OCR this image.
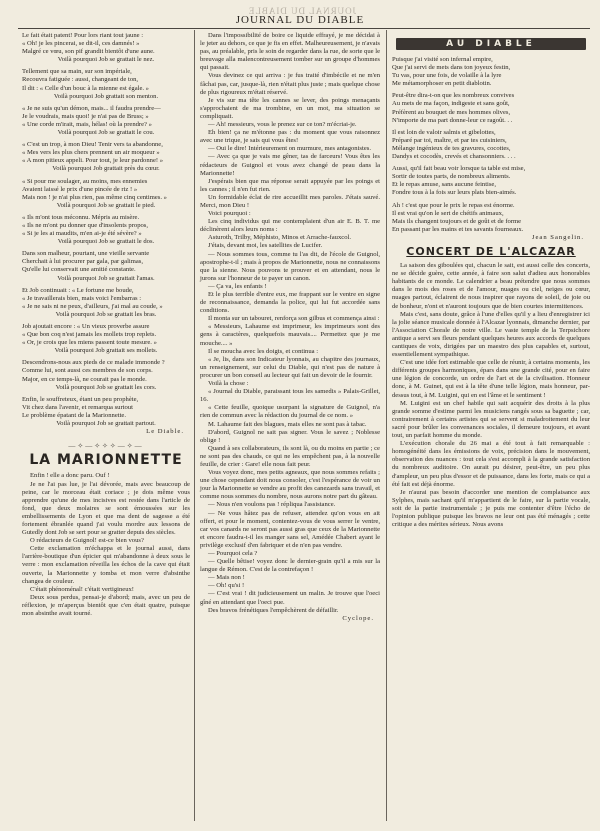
JOURNAL DU DIABLE
JOURNAL DU DIABLE

Le fait était patent! Pour lors riant tout jaune :

« Oh! je les pincerai, se dit-il, ces damnés! »

Malgré ce vœu, son pif grandit bientôt d'une aune.

Voilà pourquoi Job se grattait le nez.

Tellement que sa main, sur son impériale,

Recouvra fatiguée : aussi, changeant de ton,

Il dit : « Celle d'un bouc à la mienne est égale. »

Voilà pourquoi Job grattait son menton.

« Je ne suis qu'un démon, mais... il faudra prendre—

Je le voudrais, mais quoi! je n'ai pas de Bruss; »

« Une corde m'irait, mais, hélas! où la prendre? »

Voilà pourquoi Job se grattait le cou.

« C'est un trop, à mon Dieu! Tenir vers ta abandonne,

« Mes vers les plus chers prennent un air moqueur »

« A mon pitieux appeli. Pour tout, je leur pardonne! »

Voilà pourquoi Job grattait près du cœur.

« Si pour me soulager, au moins, mes ennemies

Avaient laissé le prix d'une pincée de riz ! »

Mais non ! je n'ai plus rien, pas même cinq centimes. »

Voilà pourquoi Job se grattait le pied.

« Ils m'ont tous méconnu. Mépris au misère.

« Ils ne m'ont pu donner que d'insolents propos,

« Si je les ai maudits, m'en ai-je été sévère? »

Voilà pourquoi Job se grattait le dos.

Dans son malheur, pourtant, une vieille servante

Cherchait à lui procurer par gala, par galimas,

Qu'elle lui conservait une amitié constante.

Voilà pourquoi Job se grattait l'amas.

Et Job continuait : « Le fortune me boude,

« Je travaillerais bien, mais voici l'embarras :

« Je ne sais ni ne peux, d'ailleurs, j'ai mal au coude, »

Voilà pourquoi Job se grattait les bras.

Job ajoutait encore : « Un vieux proverbe assure

« Que bon coq n'est jamais les mollets trop replets.

« Or, je crois que les miens passent toute mesure. »

Voilà pourquoi Job grattait ses mollets.

Descendrons-nous aux pieds de ce malade immonde ?

Comme lui, sont aussi ces membres de son corps.

Major, en ce temps-là, ne courait pas le monde.

Voilà pourquoi Job se grattait les cors.

Enfin, le souffreteux, étant un peu prophète,

Vit chez dans l'avenir, et remarqua surtout

Le problème épatant de la Marionnette.

Voilà pourquoi Job se grattait partout.

Le Diable.

—✧—✧✧✧—✧—
LA MARIONNETTE

Enfin ! elle a donc paru. Ouf !

Je ne l'ai pas lue, je l'ai dévorée, mais avec beaucoup de peine, car le morceau était coriace ; je dois même vous apprendre qu'une de mes incisives est restée dans l'article de fond, que deux molaires se sont émoussées sur les embellissements de Lyon et que ma dent de sagesse a été fortement ébranlée quand j'ai voulu mordre aux lessons de Gutedly dont Job se sert pour se gratter depuis des siècles.

O rédacteurs de Guignol! est-ce bien vous?

Cette exclamation m'échappa et le journal aussi, dans l'arrière-boutique d'un épicier qui m'abandonne à deux sous le verre : mon exclamation réveilla les échos de la cave qui était ouverte, la Marionnette y tomba et mon verre d'absinthe changea de couleur.

C'était phénoménal! c'était vertigineux!

Deux sous perdus, pensai-je d'abord; mais, avec un peu de réflexion, je m'aperçus bientôt que c'en était quatre, puisque mon absinthe avait tourné.

Dans l'impossibilité de boire ce liquide effrayé, je me décidai à le jeter au dehors, ce que je fis en effet. Malheureusement, je n'avais pas, au préalable, pris le soin de regarder dans la rue, de sorte que le breuvage alla malencontreusement tomber sur un groupe d'hommes qui passait.

Vous devinez ce qui arriva : je fus traité d'imbécile et ne m'en fâchai pas, car, jusque-là, rien n'était plus juste ; mais quelque chose de plus rigoureux m'était réservé.

Je vis sur ma tête les cannes se lever, des poings menaçants s'approchaient de ma trombine, en un mot, ma situation se compliquait.

— Ah! messieurs, vous le prenez sur ce ton? m'écriai-je.

Eh bien! ça ne m'étonne pas : du moment que vous raisonnez avec une trique, je sais qui vous êtes!

— Oui le dire! Intérieurement on murmure, mes antagonistes.

— Avec ça que je vais me gêner, tas de farceurs! Vous êtes les rédacteurs de Guignol et vous avez changé de peau dans la Marionnette!

J'espérais bien que ma réponse serait appuyée par les poings et les cannes ; il n'en fut rien.

Un formidable éclat de rire accueillit mes paroles. J'étais sauvé. Merci, mon Dieu !

Voici pourquoi :

Les cinq individus qui me contemplaient d'un air E. B. T. me déclinèrent alors leurs noms :

Asturoth, Trilby, Méphisto, Minos et Arrache-fauxcol.

J'étais, devant moi, les satellites de Lucifer.

— Nous sommes tous, comme tu l'as dit, de l'école de Guignol, apostrophe-t-il ; mais à propos de Marionnette, nous ne connaissons que la sienne. Nous pouvons te prouver et en attendant, nous le jurons sur l'honneur de te payer un canon.

— Ça va, les enfants !

Et le plus terrible d'entre eux, me frappant sur le ventre en signe de reconnaissance, demanda la police, qui lui fut accordée sans conditions.

Il monta sur un tabouret, renforça son gilbus et commença ainsi :

« Messieurs, Lahaume est imprimeur, les imprimeurs sont des gens à caractères, quelquefois mauvais.... Permettez que je me mouche.... »

Il se moucha avec les doigts, et continua :

« Je, lis, dans son Indicateur lyonnais, au chapitre des journaux, un renseignement, sur celui du Diable, qui n'est pas de nature à procurer un bon conseil au lecteur qui fait un devoir de le fournir.

Voilà la chose :

« Journal du Diable, paraissant tous les samedis » Palais-Grillet, 16.

« Cette feuille, quoique usurpant la signature de Guignol, n'a rien de commun avec la rédaction du journal de ce nom. »

M. Lahaume fait des blagues, mais elles ne sont pas à tabac.

D'abord, Guignol ne sait pas signer. Vous le savez ; Noblesse oblige !

Quand à ses collaborateurs, ils sont là, ou du moins en partie ; ce ne sont pas des chauds, ce qui ne les empêchent pas, à la nouvelle feuille, de crier : Gare! elle nous fait peur.

Vous voyez donc, mes petits agneaux, que nous sommes refaits ; une chose cependant doit nous consoler, c'est l'espérance de voir un jour la Marionnette se vendre au profit des canezards sans travail, et comme nous sommes du nombre, nous aurons notre part du gâteau.

— Nous n'en voulons pas ! répliqua l'assistance.

— Ne vous hâtez pas de refuser, attendez qu'on vous en ait offert, et pour le moment, contentez-vous de vous serrer le ventre, car vos canards ne seront pas aussi gras que ceux de la Marionnette et encore faudra-t-il les manger sans sel, Amédée Chabert ayant le privilège exclusif d'en fabriquer et de n'en pas vendre.

— Pourquoi cela ?

— Quelle bêtise! voyez donc le dernier-grain qu'il a mis sur la langue de Rémon. C'est de la contrefaçon !

— Mais non !

— Oh! qu'si !

— C'est vrai ! dit judicieusement un malin. Je trouve que l'oeci gîné en attendant que l'oeci pue.

Des bravos frénétiques l'empêchèrent de défaillir.

Cyclope.

AU DIABLE

Puisque j'ai visité son infernal empire,

Que j'ai servi de mets dans ton joyeux festin,

Tu vas, pour une fois, de volaille à la lyre

Me métamorphoser en petit diablotin.

Peut-être dira-t-on que les nombreux convives

Au mets de ma façon, indigeste et sans goût,

Préfèrent au bouquet de mes hommes olives,

N'importe de ma part donne-leur ce ragoût. . .

Il est loin de valoir salmis et gibelottes,

Préparé par toi, maître, et par tes cuisiniers,

Mélange ingénieux de tes gravures, cocottes,

Dandys et cocodès, crevés et chansonniers. . . .

Aussi, qu'il fait beau voir lorsque ta table est mise,

Sortir de toutes parts, de nombreux aliments.

Et le repas amuse, sans aucune feintise,

Fondre tous à la fois sur leurs plats bien-aimés.

Ah ! c'est que pour le prix le repas est énorme.

Il est vrai qu'on le sert de chétifs animaux,

Mais ils changent toujours et de goût et de forme

En passant par les mains et tes savants fourneaux.

Jean Sangelin.

CONCERT DE L'ALCAZAR

La saison des giboulées qui, chacun le sait, est aussi celle des concerts, ne se décide guère, cette année, à faire son salut d'adieu aux honorables habitants de ce monde. Le calendrier a beau prétendre que nous sommes dans le mois des roses et de l'amour, nuages ou ciel, neiges ou cœur, nuages partout, éclairent de nous inspirer que rayons de soleil, de joie ou de bonheur, n'ont et n'auront toujours que de bien courtes intermittences.

Mais c'est, sans doute, grâce à l'une d'elles qu'il y a lieu d'enregistrer ici la jolie séance musicale donnée à l'Alcazar lyonnais, dimanche dernier, par l'Association Chorale de notre ville. Le vaste temple de la Terpsichore antique a servi ses fleurs pendant quelques heures aux accords de quelques cantiques de voix, dirigées par un maestro des plus capables et, surtout, essentiellement sympathique.

C'est une idée fort estimable que celle de réunir, à certains moments, les différents groupes harmoniques, épars dans une grande cité, pour en faire une légion de concorde, un ordre de l'art et de la civilisation. Honneur donc, à M. Guinet, qui est à la tête d'une telle légion, mais honneur, par-dessus tout, à M. Luigini, qui en est l'âme et le sentiment !

M. Luigini est un chef habile qui sait acquérir des droits à la plus grande somme d'estime parmi les musiciens rangés sous sa baguette ; car, contrairement à certains artistes qui se servent si maladroitement du leur sacré pour brûler les convenances sociales, il demeure toujours, et avant tout, un parfait homme du monde.

L'exécution chorale du 26 mai a été tout à fait remarquable : homogénéité dans les émissions de voix, précision dans le mouvement, observation des nuances : tout cela s'est accompli à la grande satisfaction du nombreux auditoire. On aurait pu désirer, peut-être, un peu plus d'ampleur, un peu plus d'essor et de puissance, dans les forte, mais ce qui a été fait est déjà énorme.

Je n'aurai pas besoin d'accorder une mention de complaisance aux Sylphes, mais sachant qu'il m'appartient de le faire, sur la partie vocale, soit de la partie instrumentale ; je puis me contenter d'être l'écho de l'opinion publique puisque les bravos ne leur ont pas été ménagés ; cette critique a des mérites sérieux. Nous avons
